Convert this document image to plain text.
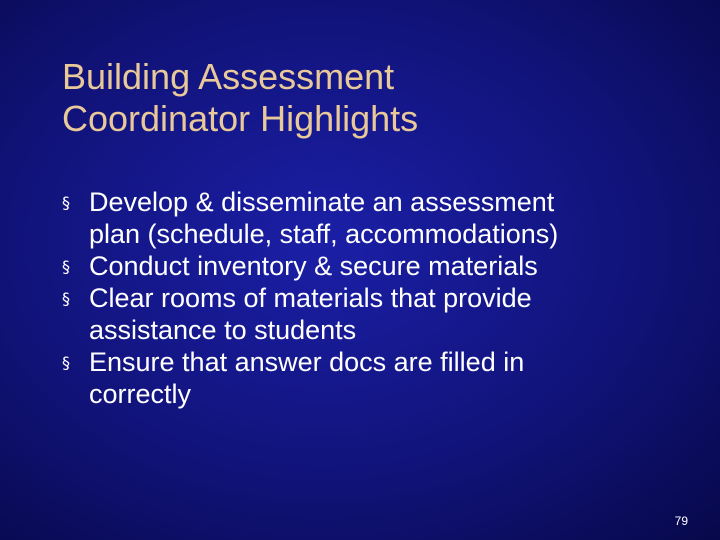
Building Assessment
Coordinator Highlights
§ Develop & disseminate an assessment
plan (schedule, staff, accommodations)
§ Conduct inventory & secure materials
§ Clear rooms of materials that provide
assistance to students
§ Ensure that answer docs are filled in
correctly
79
